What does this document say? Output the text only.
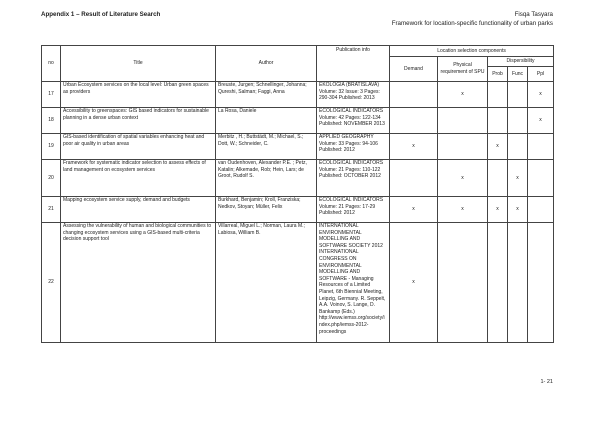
Appendix 1 – Result of Literature Search	Fisqa Tasyara
Framework for location-specific functionality of urban parks
no	Title	Author	Publication info	Location selection components				
				Demand	Physical requirement of SPU	Dispersibility		
						Prob	Func	Ppl
17	Urban Ecosystem services on the local level: Urban green spaces as providers	Breuste, Jurgen; Schnellinger, Johanna; Qureshi, Salman; Faggi, Anna	EKOLOGIA (BRATISLAVA) Volume: 32 Issue: 3 Pages: 290-304 Published: 2013		x			x
18	Accessibility to greenspaces: GIS based indicators for sustainable planning in a dense urban context	La Rosa, Daniele	ECOLOGICAL INDICATORS Volume: 42 Pages: 122-134 Published: NOVEMBER 2013					x
19	GIS-based identification of spatial variables enhancing heat and poor air quality in urban areas	Merbitz , H.; Buttstädt, M.; Michael, S.; Dott, W.; Schneider, C.	APPLIED GEOGRAPHY Volume: 33 Pages: 94-106 Published: 2012	x		x		
20	Framework for systematic indicator selection to assess effects of land management on ecosystem services	van Oudenhoven, Alexander P.E. ; Petz, Katalin; Alkemade, Rob; Hein, Lars; de Groot, Rudolf S.	ECOLOGICAL INDICATORS Volume: 21 Pages: 110-122 Published: OCTOBER 2012		x		x	
21	Mapping ecosystem service supply, demand and budgets	Burkhard, Benjamin; Kroll, Franziska; Nedkov, Stoyan; Müller, Felix	ECOLOGICAL INDICATORS Volume: 21 Pages: 17-29 Published: 2012	x	x	x	x	
22	Assessing the vulnerability of human and biological communities to changing ecosystem services using a GIS-based multi-criteria decision support tool	Villarreal, Miguel L.; Norman, Laura M.; Labiosa, William B.	INTERNATIONAL ENVIRONMENTAL MODELLING AND SOFTWARE SOCIETY 2012 INTERNATIONAL CONGRESS ON ENVIRONMENTAL MODELLING AND SOFTWARE - Managing Resources of a Limited Planet, 6th Biennial Meeting, Leipzig, Germany. R. Seppelt, A.A. Voinov, S. Lange, D. Bankamp (Eds.) http://www.iemss.org/society/index.php/iemss-2012-proceedings	x				
1- 21
